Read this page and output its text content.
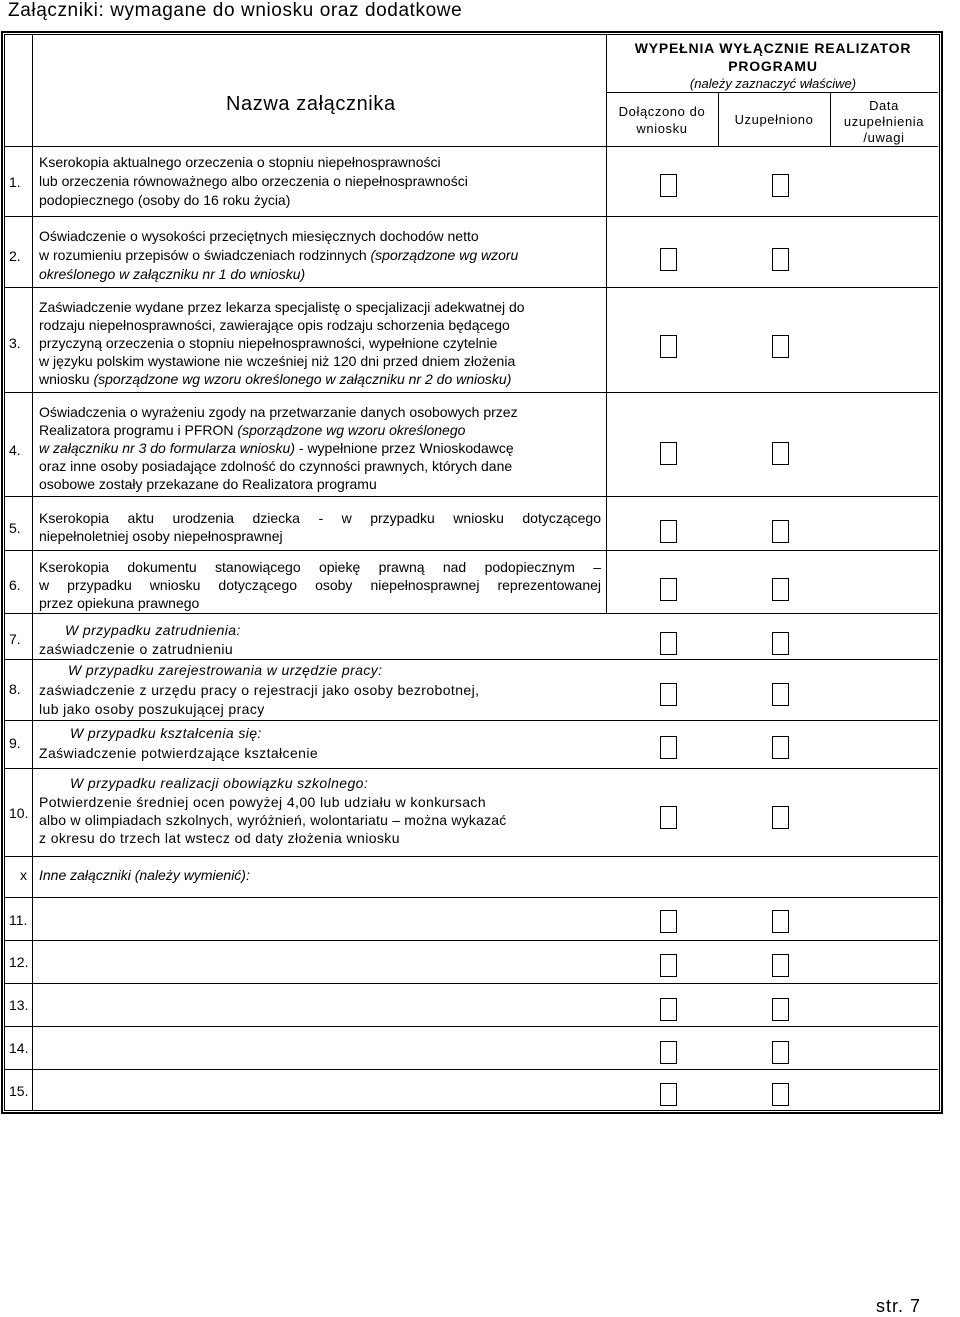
Załączniki: wymagane do wniosku oraz dodatkowe
Nazwa załącznika
WYPEŁNIA WYŁĄCZNIE REALIZATOR
PROGRAMU
(należy zaznaczyć właściwe)
Dołączono do
wniosku
Uzupełniono
Data
uzupełnienia
/uwagi
1.
Kserokopia aktualnego orzeczenia o stopniu niepełnosprawności
lub orzeczenia równoważnego albo orzeczenia o niepełnosprawności
podopiecznego (osoby do 16 roku życia)
2.
Oświadczenie o wysokości przeciętnych miesięcznych dochodów netto
w rozumieniu przepisów o świadczeniach rodzinnych (sporządzone wg wzoru
określonego w załączniku nr 1 do wniosku)
3.
Zaświadczenie wydane przez lekarza specjalistę o specjalizacji adekwatnej do
rodzaju niepełnosprawności, zawierające opis rodzaju schorzenia będącego
przyczyną orzeczenia o stopniu niepełnosprawności, wypełnione czytelnie
w języku polskim wystawione nie wcześniej niż 120 dni przed dniem złożenia
wniosku (sporządzone wg wzoru określonego w załączniku nr 2 do wniosku)
4.
Oświadczenia o wyrażeniu zgody na przetwarzanie danych osobowych przez
Realizatora programu i PFRON (sporządzone wg wzoru określonego
w załączniku nr 3 do formularza wniosku) - wypełnione przez Wnioskodawcę
oraz inne osoby posiadające zdolność do czynności prawnych, których dane
osobowe zostały przekazane do Realizatora programu
5.
Kserokopia aktu urodzenia dziecka - w przypadku wniosku dotyczącego
niepełnoletniej osoby niepełnosprawnej
6.
Kserokopia dokumentu stanowiącego opiekę prawną nad podopiecznym –
w przypadku wniosku dotyczącego osoby niepełnosprawnej reprezentowanej
przez opiekuna prawnego
7.
W przypadku zatrudnienia:
zaświadczenie o zatrudnieniu
8.
W przypadku zarejestrowania w urzędzie pracy:
zaświadczenie z urzędu pracy o rejestracji jako osoby bezrobotnej,
lub jako osoby poszukującej pracy
9.
W przypadku kształcenia się:
Zaświadczenie potwierdzające kształcenie
10.
W przypadku realizacji obowiązku szkolnego:
Potwierdzenie średniej ocen powyżej 4,00 lub udziału w konkursach
albo w olimpiadach szkolnych, wyróżnień, wolontariatu – można wykazać
z okresu do trzech lat wstecz od daty złożenia wniosku
x Inne załączniki (należy wymienić):
11.
12.
13.
14.
15.
str. 7
